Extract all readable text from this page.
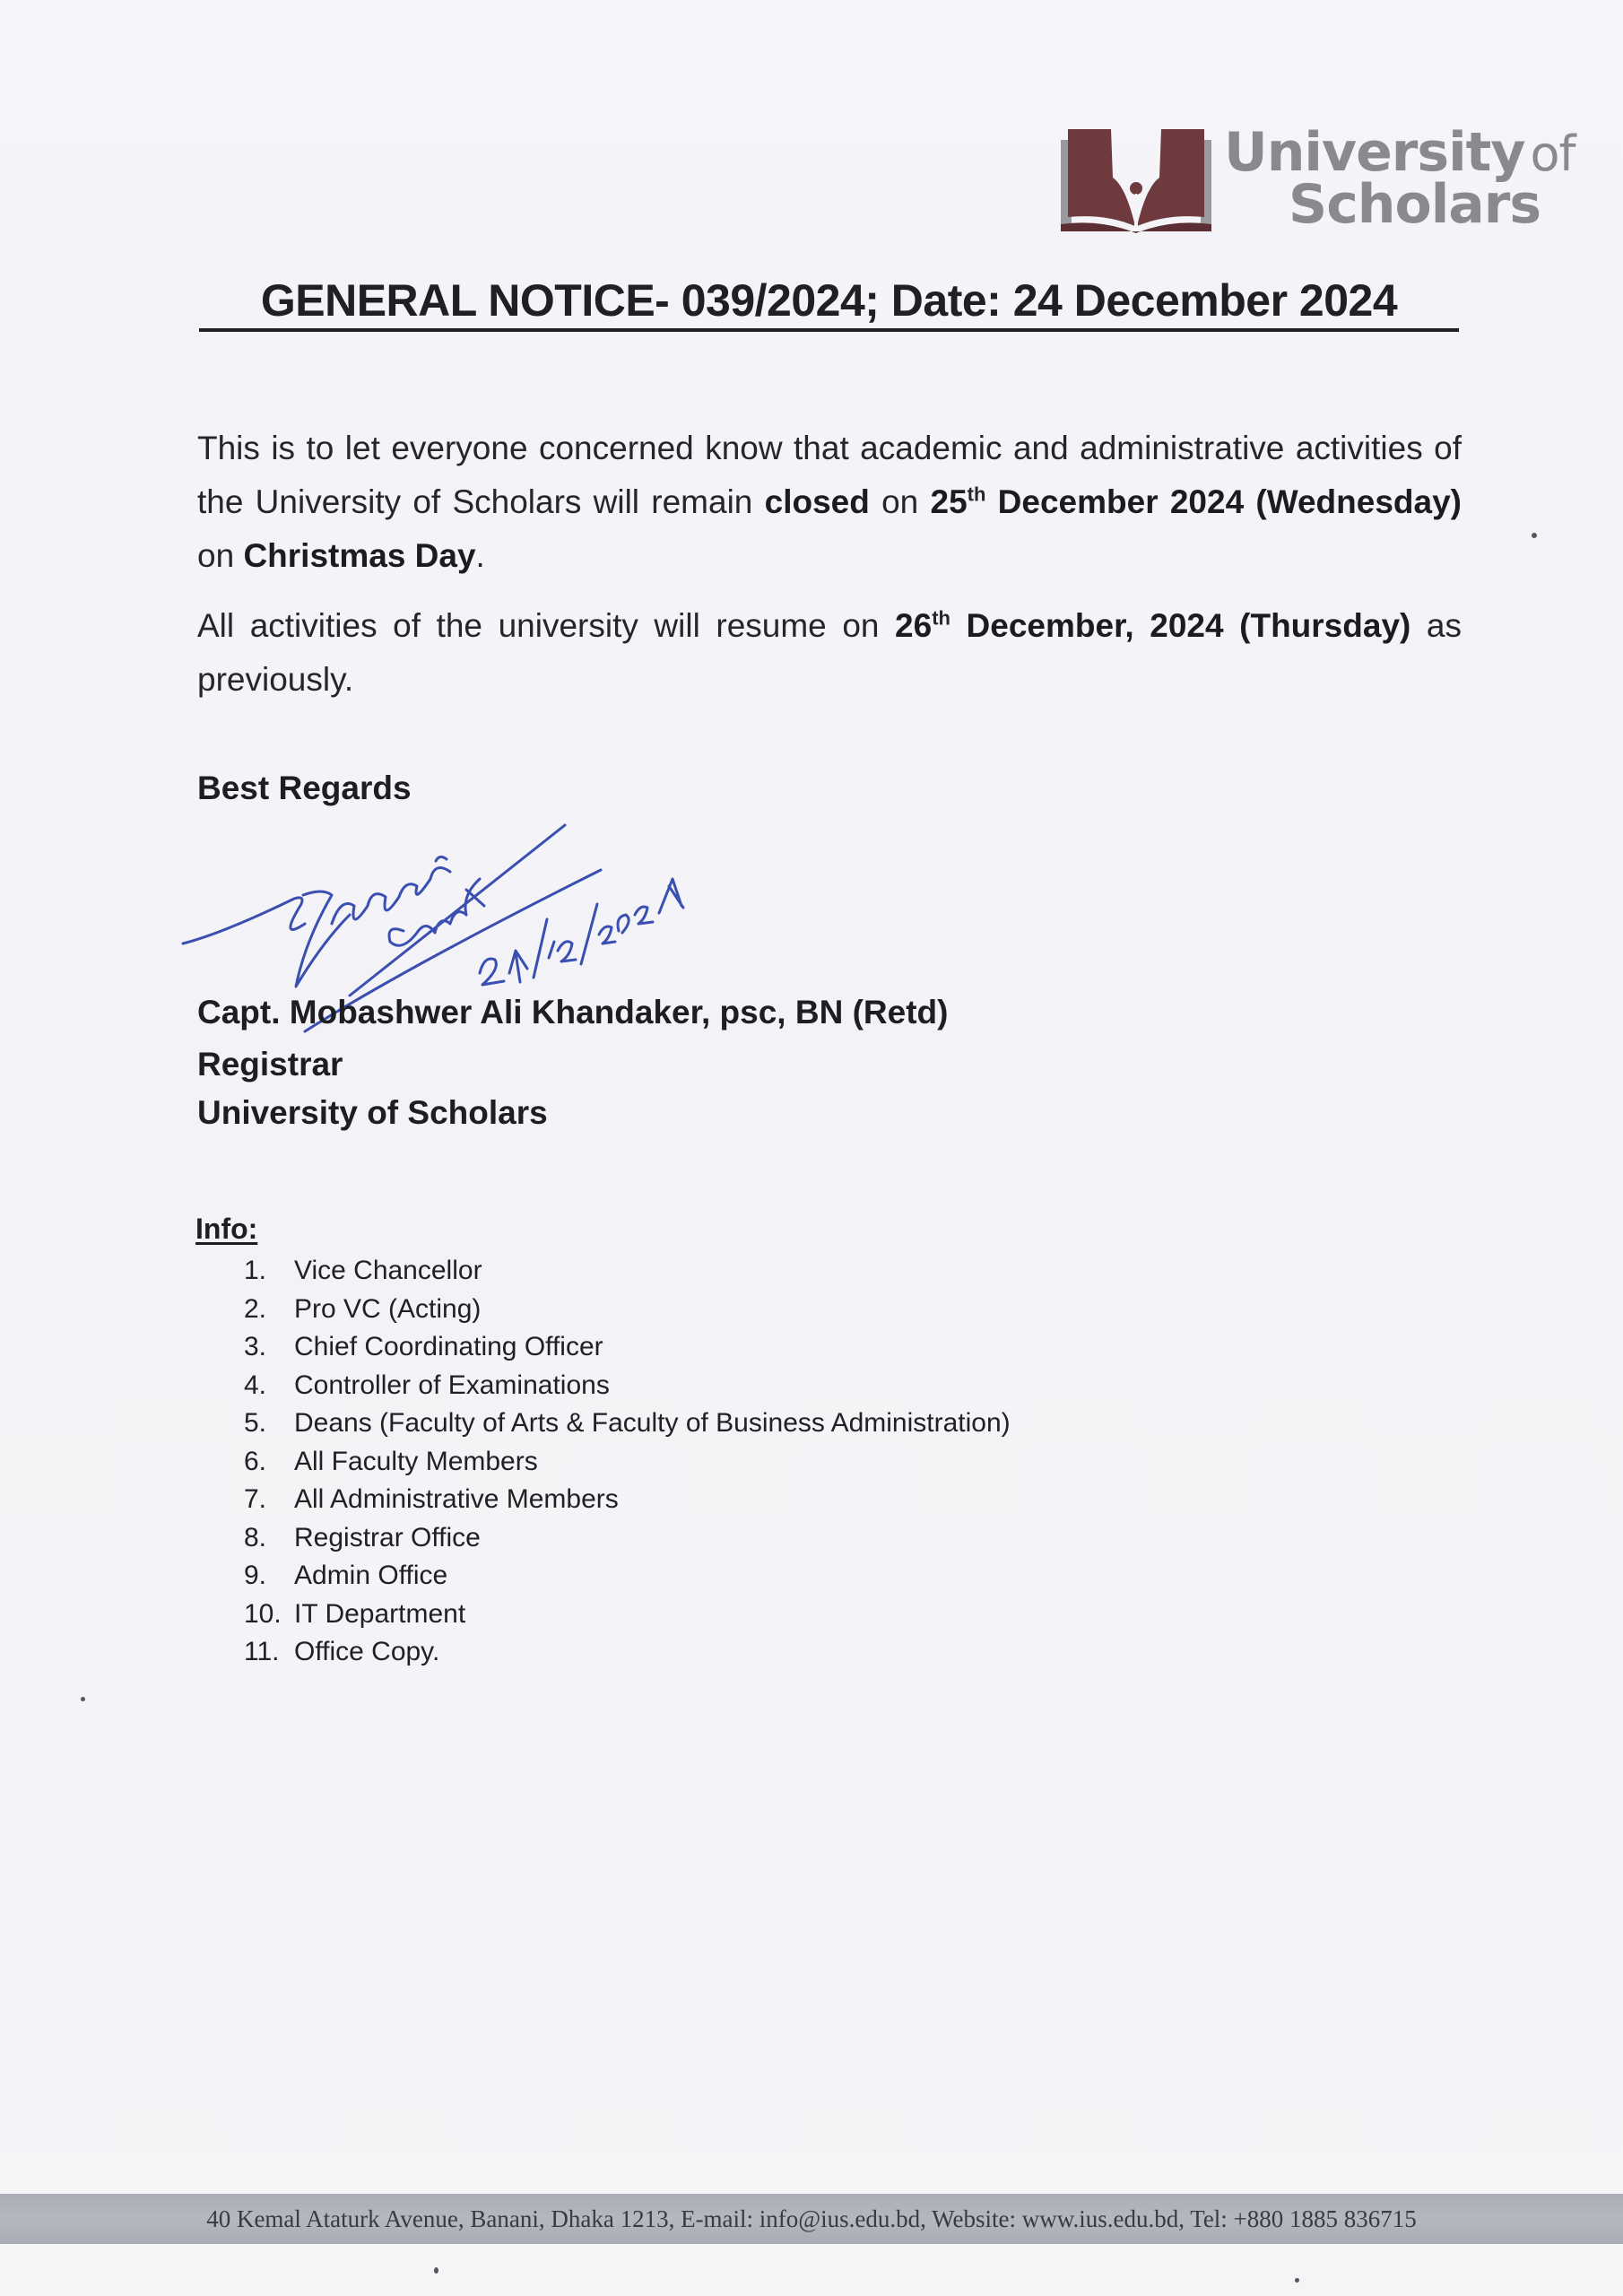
University of
Scholars
GENERAL NOTICE- 039/2024; Date: 24 December 2024
This is to let everyone concerned know that academic and administrative activities of the University of Scholars will remain closed on 25th December 2024 (Wednesday) on Christmas Day.
All activities of the university will resume on 26th December, 2024 (Thursday) as previously.
Best Regards
Capt. Mobashwer Ali Khandaker, psc, BN (Retd)
Registrar
University of Scholars
Info:
1.	Vice Chancellor
2.	Pro VC (Acting)
3.	Chief Coordinating Officer
4.	Controller of Examinations
5.	Deans (Faculty of Arts & Faculty of Business Administration)
6.	All Faculty Members
7.	All Administrative Members
8.	Registrar Office
9.	Admin Office
10. IT Department
11. Office Copy.
40 Kemal Ataturk Avenue, Banani, Dhaka 1213, E-mail: info@ius.edu.bd, Website: www.ius.edu.bd, Tel: +880 1885 836715
